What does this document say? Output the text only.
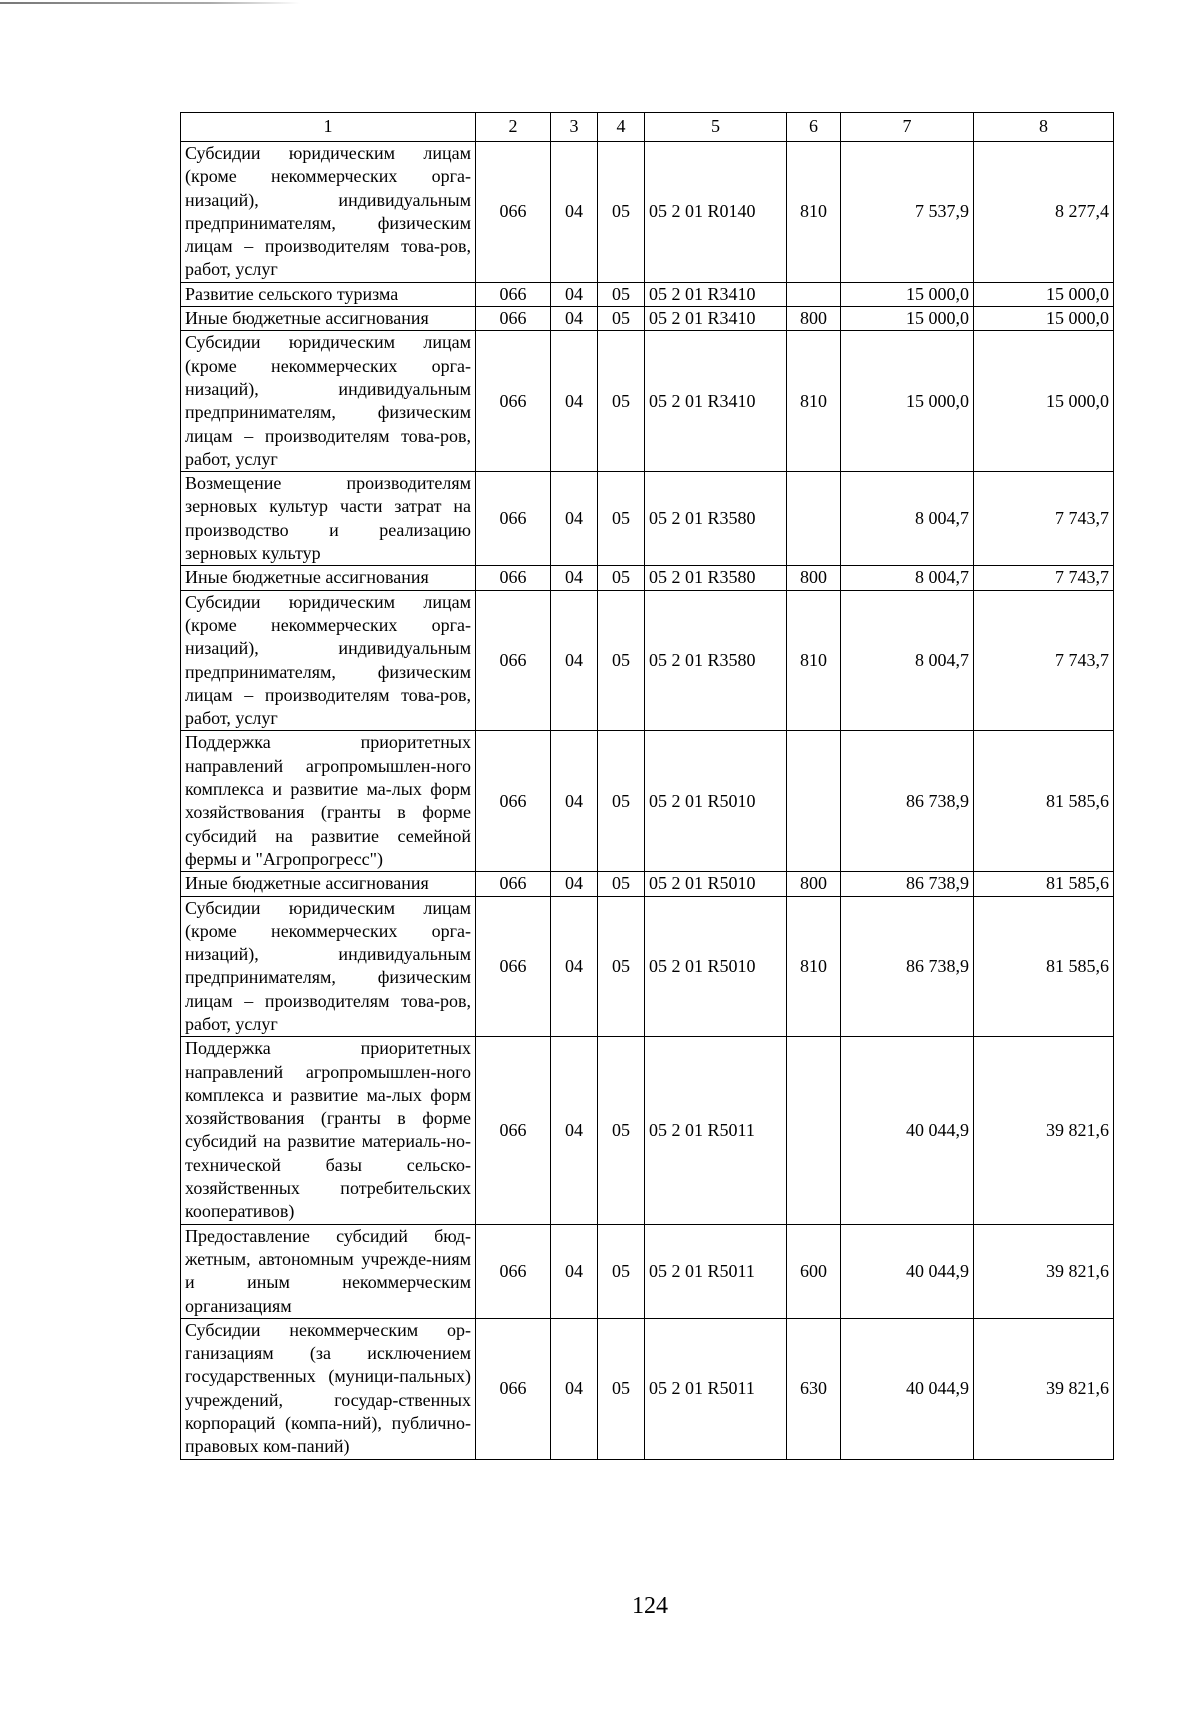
1	2	3	4	5	6	7	8
Субсидии юридическим лицам (кроме некоммерческих орга-низаций), индивидуальным предпринимателям, физическим лицам – производителям това-ров, работ, услуг	066	04	05	05 2 01 R0140	810	7 537,9	8 277,4
Развитие сельского туризма	066	04	05	05 2 01 R3410		15 000,0	15 000,0
Иные бюджетные ассигнования	066	04	05	05 2 01 R3410	800	15 000,0	15 000,0
Субсидии юридическим лицам (кроме некоммерческих орга-низаций), индивидуальным предпринимателям, физическим лицам – производителям това-ров, работ, услуг	066	04	05	05 2 01 R3410	810	15 000,0	15 000,0
Возмещение производителям зерновых культур части затрат на производство и реализацию зерновых культур	066	04	05	05 2 01 R3580		8 004,7	7 743,7
Иные бюджетные ассигнования	066	04	05	05 2 01 R3580	800	8 004,7	7 743,7
Субсидии юридическим лицам (кроме некоммерческих орга-низаций), индивидуальным предпринимателям, физическим лицам – производителям това-ров, работ, услуг	066	04	05	05 2 01 R3580	810	8 004,7	7 743,7
Поддержка приоритетных направлений агропромышлен-ного комплекса и развитие ма-лых форм хозяйствования (гранты в форме субсидий на развитие семейной фермы и "Агропрогресс")	066	04	05	05 2 01 R5010		86 738,9	81 585,6
Иные бюджетные ассигнования	066	04	05	05 2 01 R5010	800	86 738,9	81 585,6
Субсидии юридическим лицам (кроме некоммерческих орга-низаций), индивидуальным предпринимателям, физическим лицам – производителям това-ров, работ, услуг	066	04	05	05 2 01 R5010	810	86 738,9	81 585,6
Поддержка приоритетных направлений агропромышлен-ного комплекса и развитие ма-лых форм хозяйствования (гранты в форме субсидий на развитие материаль-но-технической базы сельско-хозяйственных потребительских кооперативов)	066	04	05	05 2 01 R5011		40 044,9	39 821,6
Предоставление субсидий бюд-жетным, автономным учрежде-ниям и иным некоммерческим организациям	066	04	05	05 2 01 R5011	600	40 044,9	39 821,6
Субсидии некоммерческим ор-ганизациям (за исключением государственных (муници-пальных) учреждений, государ-ственных корпораций (компа-ний), публично-правовых ком-паний)	066	04	05	05 2 01 R5011	630	40 044,9	39 821,6
124
